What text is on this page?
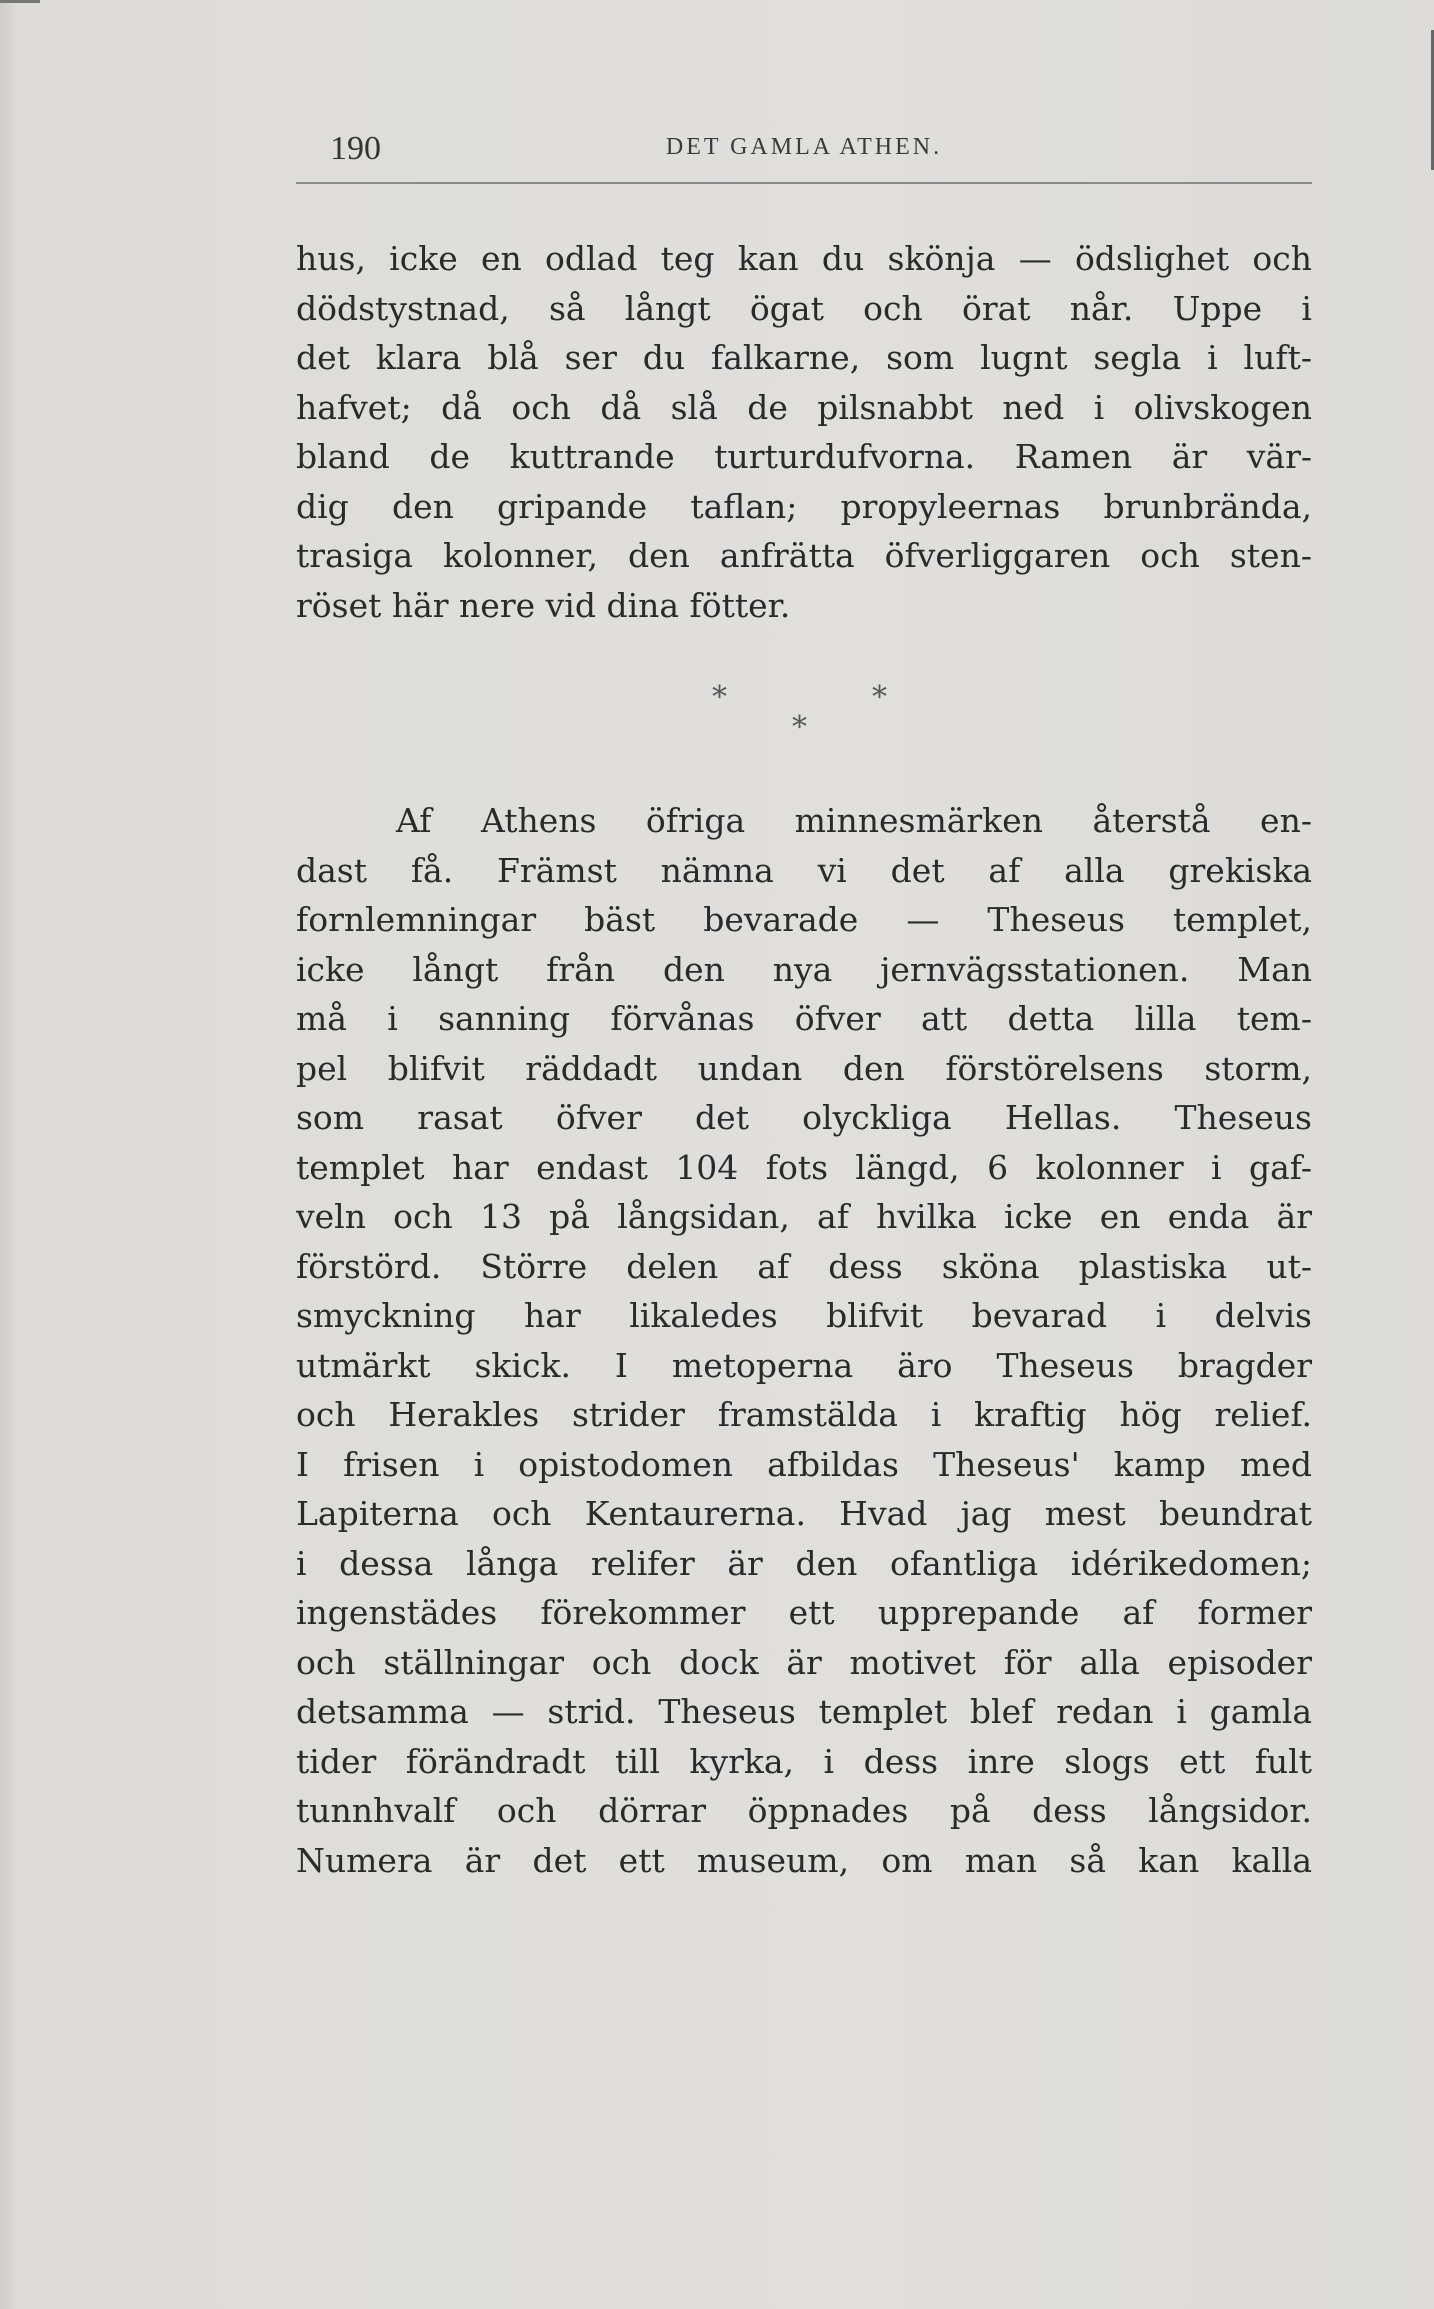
190	DET GAMLA ATHEN.
hus, icke en odlad teg kan du skönja — ödslighet och
dödstystnad, så långt ögat och örat når. Uppe i
det klara blå ser du falkarne, som lugnt segla i luft-
hafvet; då och då slå de pilsnabbt ned i olivskogen
bland de kuttrande turturdufvorna. Ramen är vär-
dig den gripande taflan; propyleernas brunbrända,
trasiga kolonner, den anfrätta öfverliggaren och sten-
röset här nere vid dina fötter.
*	*
*
Af Athens öfriga minnesmärken återstå en-
dast få. Främst nämna vi det af alla grekiska
fornlemningar bäst bevarade — Theseus templet,
icke långt från den nya jernvägsstationen. Man
må i sanning förvånas öfver att detta lilla tem-
pel blifvit räddadt undan den förstörelsens storm,
som rasat öfver det olyckliga Hellas. Theseus
templet har endast 104 fots längd, 6 kolonner i gaf-
veln och 13 på långsidan, af hvilka icke en enda är
förstörd. Större delen af dess sköna plastiska ut-
smyckning har likaledes blifvit bevarad i delvis
utmärkt skick. I metoperna äro Theseus bragder
och Herakles strider framstälda i kraftig hög relief.
I frisen i opistodomen afbildas Theseus' kamp med
Lapiterna och Kentaurerna. Hvad jag mest beundrat
i dessa långa relifer är den ofantliga idérikedomen;
ingenstädes förekommer ett upprepande af former
och ställningar och dock är motivet för alla episoder
detsamma — strid. Theseus templet blef redan i gamla
tider förändradt till kyrka, i dess inre slogs ett fult
tunnhvalf och dörrar öppnades på dess långsidor.
Numera är det ett museum, om man så kan kalla
